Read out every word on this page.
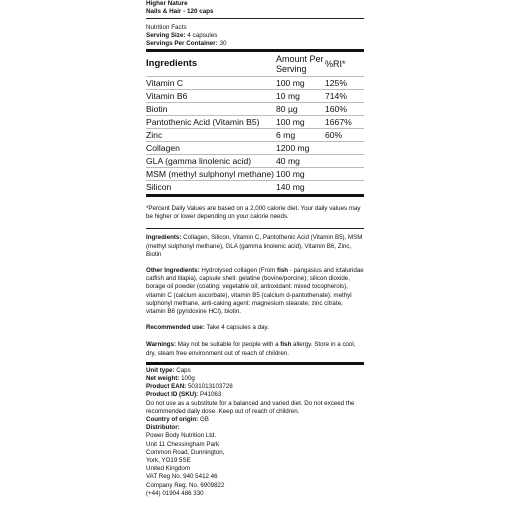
Higher Nature
Nails & Hair - 120 caps
Nutrition Facts
Serving Size: 4 capsules
Servings Per Container: 30
Ingredients	Amount Per Serving	%RI*
Vitamin C	100 mg	125%
Vitamin B6	10 mg	714%
Biotin	80 µg	160%
Pantothenic Acid (Vitamin B5)	100 mg	1667%
Zinc	6 mg	60%
Collagen	1200 mg	
GLA (gamma linolenic acid)	40 mg	
MSM (methyl sulphonyl methane)	100 mg	
Silicon	140 mg	
*Percent Daily Values are based on a 2,000 calorie diet. Your daily values may be higher or lower depending on your calorie needs.
Ingredients: Collagen, Silicon, Vitamin C, Pantothenic Acid (Vitamin B5), MSM (methyl sulphonyl methane), GLA (gamma linolenic acid), Vitamin B6, Zinc, Biotin
Other Ingredients: Hydrolysed collagen (From fish - pangasius and ictaluridae catfish and tilapia), capsule shell: gelatine (bovine/porcine); silicon dioxide, borage oil powder (coating: vegetable oil; antioxidant: mixed tocopherols), vitamin C (calcium ascorbate), vitamin B5 (calcium d-pantothenate); methyl sulphonyl methane, anti-caking agent: magnesium stearate; zinc citrate, vitamin B6 (pyridoxine HCl), biotin.
Recommended use: Take 4 capsules a day.
Warnings: May not be suitable for people with a fish allergy. Store in a cool, dry, steam free environment out of reach of children.
Unit type: Caps
Net weight: 100g
Product EAN: 5031013103728
Product ID (SKU): P41063
Do not use as a substitute for a balanced and varied diet. Do not exceed the recommended daily dose. Keep out of reach of children.
Country of origin: GB
Distributor:
Power Body Nutrition Ltd.
Unit 11 Chessingham Park
Common Road, Dunnington,
York, YO19 5SE
United Kingdom
VAT Reg No. 940 5412 46
Company Reg. No. 6909822
(+44) 01904 486 330
